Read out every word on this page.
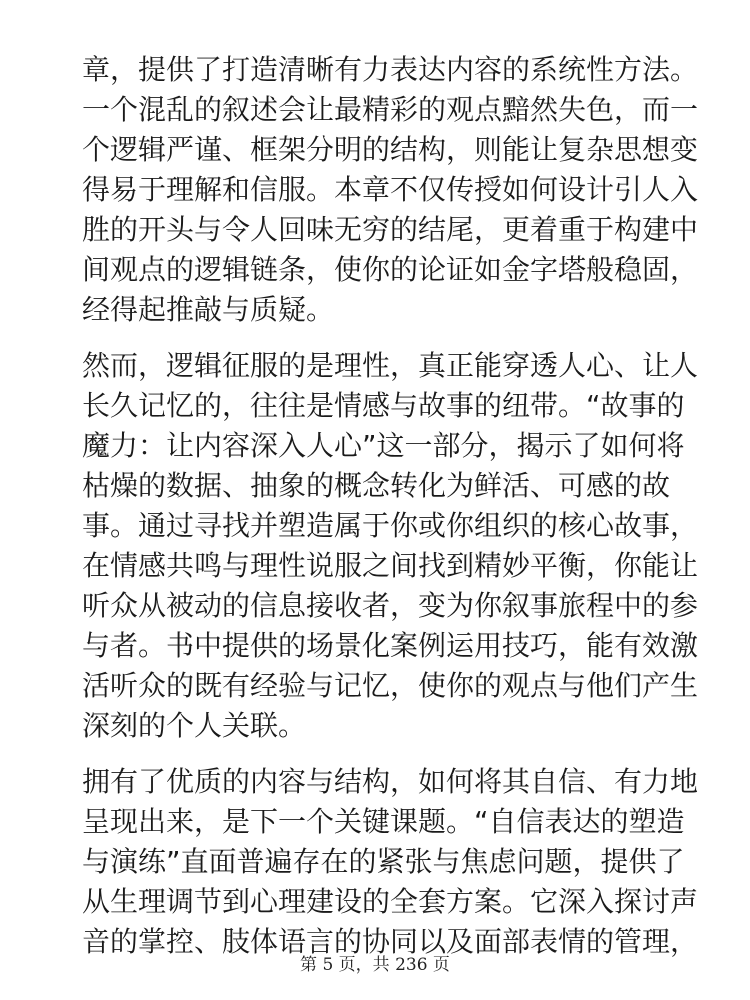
章，提供了打造清晰有力表达内容的系统性方法。
一个混乱的叙述会让最精彩的观点黯然失色，而一
个逻辑严谨、框架分明的结构，则能让复杂思想变
得易于理解和信服。本章不仅传授如何设计引人入
胜的开头与令人回味无穷的结尾，更着重于构建中
间观点的逻辑链条，使你的论证如金字塔般稳固，
经得起推敲与质疑。

然而，逻辑征服的是理性，真正能穿透人心、让人
长久记忆的，往往是情感与故事的纽带。“故事的
魔力：让内容深入人心”这一部分，揭示了如何将
枯燥的数据、抽象的概念转化为鲜活、可感的故
事。通过寻找并塑造属于你或你组织的核心故事，
在情感共鸣与理性说服之间找到精妙平衡，你能让
听众从被动的信息接收者，变为你叙事旅程中的参
与者。书中提供的场景化案例运用技巧，能有效激
活听众的既有经验与记忆，使你的观点与他们产生
深刻的个人关联。

拥有了优质的内容与结构，如何将其自信、有力地
呈现出来，是下一个关键课题。“自信表达的塑造
与演练”直面普遍存在的紧张与焦虑问题，提供了
从生理调节到心理建设的全套方案。它深入探讨声
音的掌控、肢体语言的协同以及面部表情的管理，

第 5 页，共 236 页
